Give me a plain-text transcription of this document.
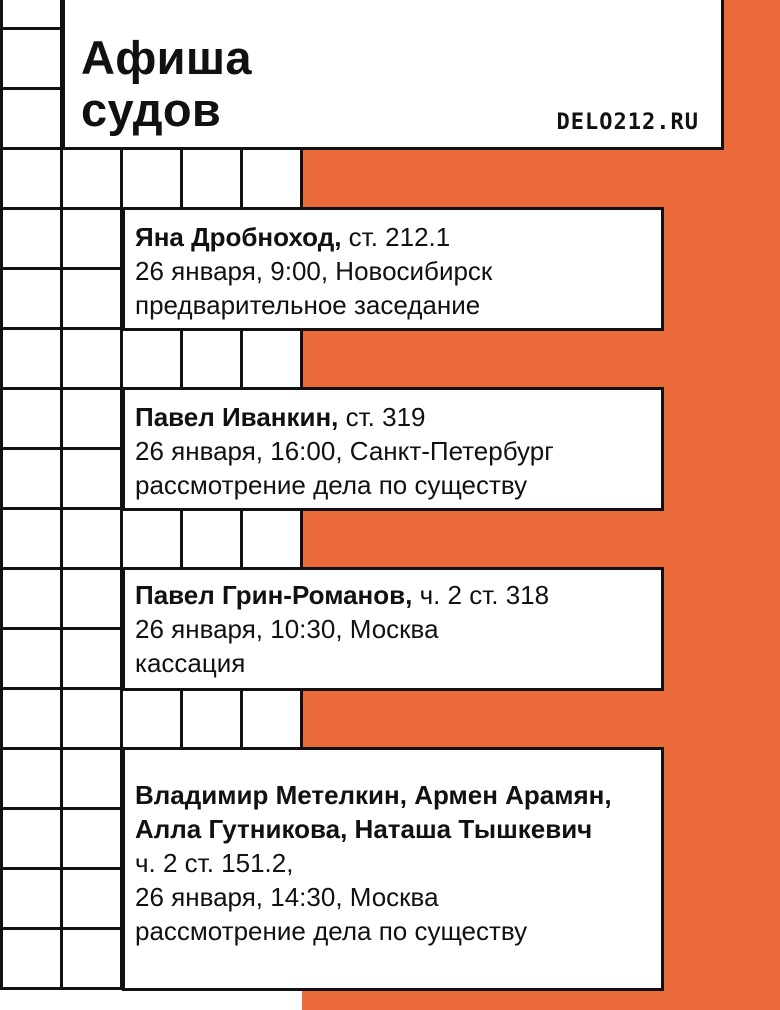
Афиша
судов	DELO212.RU

Яна Дробноход, ст. 212.1

26 января, 9:00, Новосибирск

предварительное заседание

Павел Иванкин, ст. 319

26 января, 16:00, Санкт-Петербург

рассмотрение дела по существу

Павел Грин-Романов, ч. 2 ст. 318

26 января, 10:30, Москва

кассация

Владимир Метелкин, Армен Арамян,

Алла Гутникова, Наташа Тышкевич

ч. 2 ст. 151.2,

26 января, 14:30, Москва

рассмотрение дела по существу
